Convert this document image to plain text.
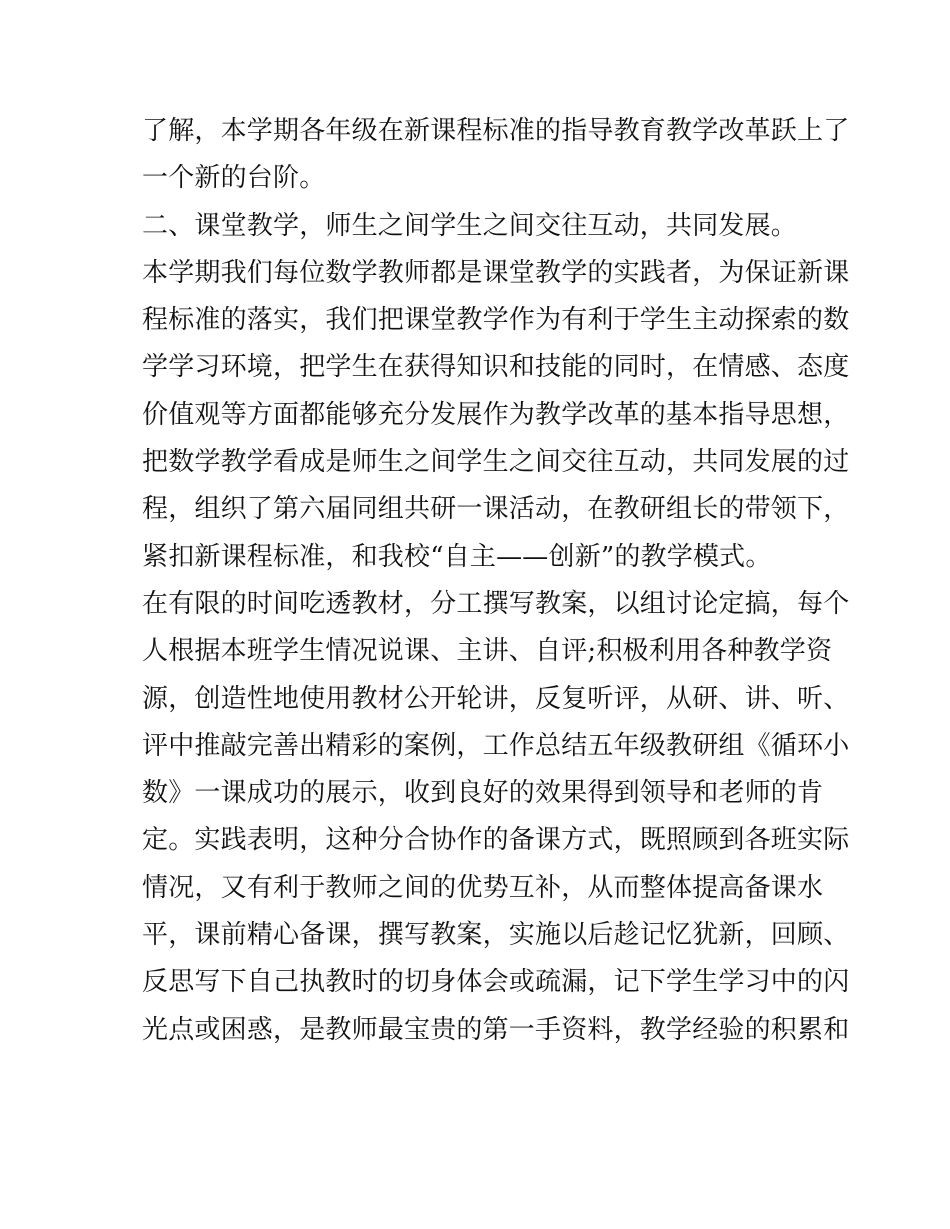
了解，本学期各年级在新课程标准的指导教育教学改革跃上了
一个新的台阶。
二、课堂教学，师生之间学生之间交往互动，共同发展。
本学期我们每位数学教师都是课堂教学的实践者，为保证新课
程标准的落实，我们把课堂教学作为有利于学生主动探索的数
学学习环境，把学生在获得知识和技能的同时，在情感、态度
价值观等方面都能够充分发展作为教学改革的基本指导思想，
把数学教学看成是师生之间学生之间交往互动，共同发展的过
程，组织了第六届同组共研一课活动，在教研组长的带领下，
紧扣新课程标准，和我校“自主——创新”的教学模式。
在有限的时间吃透教材，分工撰写教案，以组讨论定搞，每个
人根据本班学生情况说课、主讲、自评;积极利用各种教学资
源，创造性地使用教材公开轮讲，反复听评，从研、讲、听、
评中推敲完善出精彩的案例，工作总结五年级教研组《循环小
数》一课成功的展示，收到良好的效果得到领导和老师的肯
定。实践表明，这种分合协作的备课方式，既照顾到各班实际
情况，又有利于教师之间的优势互补，从而整体提高备课水
平，课前精心备课，撰写教案，实施以后趁记忆犹新，回顾、
反思写下自己执教时的切身体会或疏漏，记下学生学习中的闪
光点或困惑，是教师最宝贵的第一手资料，教学经验的积累和
